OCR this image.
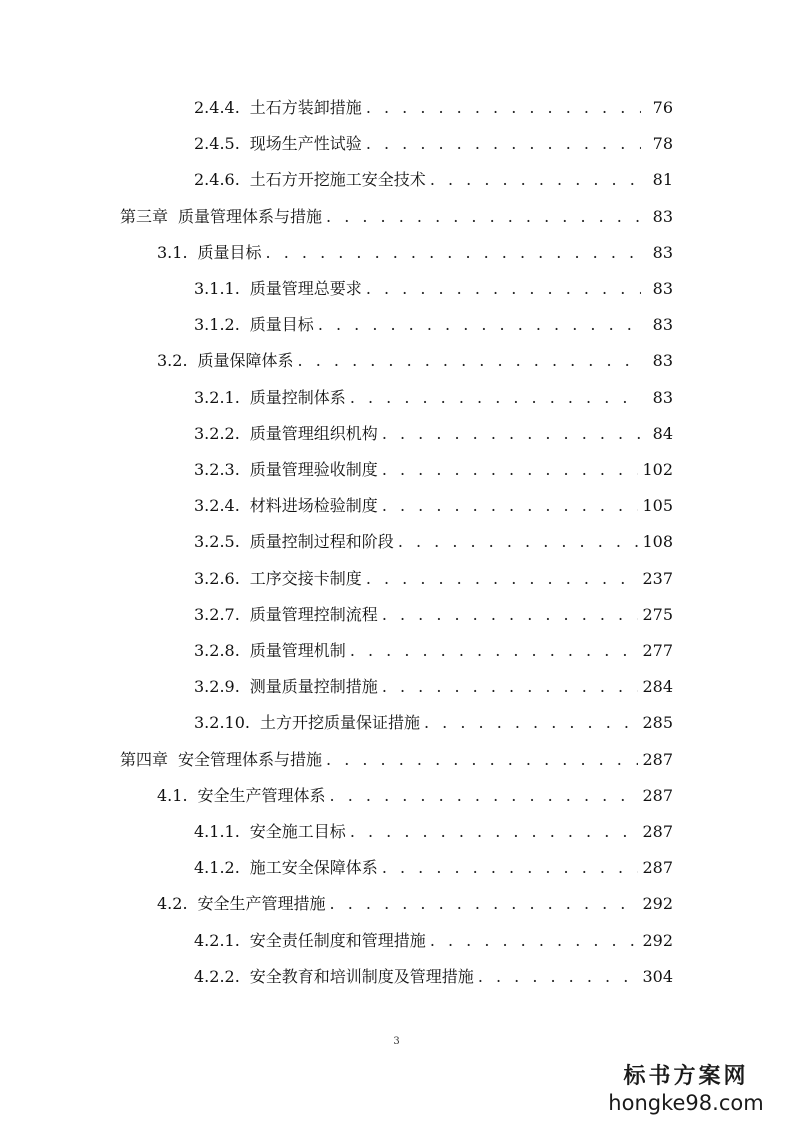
2.4.4. 土石方装卸措施 . . .	76
2.4.5. 现场生产性试验 . . .	78
2.4.6. 土石方开挖施工安全技术 . . .	81
第三章 质量管理体系与措施 . . .	83
3.1. 质量目标 . . .	83
3.1.1. 质量管理总要求 . . .	83
3.1.2. 质量目标 . . .	83
3.2. 质量保障体系 . . .	83
3.2.1. 质量控制体系 . . .	83
3.2.2. 质量管理组织机构 . . .	84
3.2.3. 质量管理验收制度 . . .	102
3.2.4. 材料进场检验制度 . . .	105
3.2.5. 质量控制过程和阶段 . . .	108
3.2.6. 工序交接卡制度 . . .	237
3.2.7. 质量管理控制流程 . . .	275
3.2.8. 质量管理机制 . . .	277
3.2.9. 测量质量控制措施 . . .	284
3.2.10. 土方开挖质量保证措施 . . .	285
第四章 安全管理体系与措施 . . .	287
4.1. 安全生产管理体系 . . .	287
4.1.1. 安全施工目标 . . .	287
4.1.2. 施工安全保障体系 . . .	287
4.2. 安全生产管理措施 . . .	292
4.2.1. 安全责任制度和管理措施 . . .	292
4.2.2. 安全教育和培训制度及管理措施 . . .	304
3
标书方案网
hongke98.com
